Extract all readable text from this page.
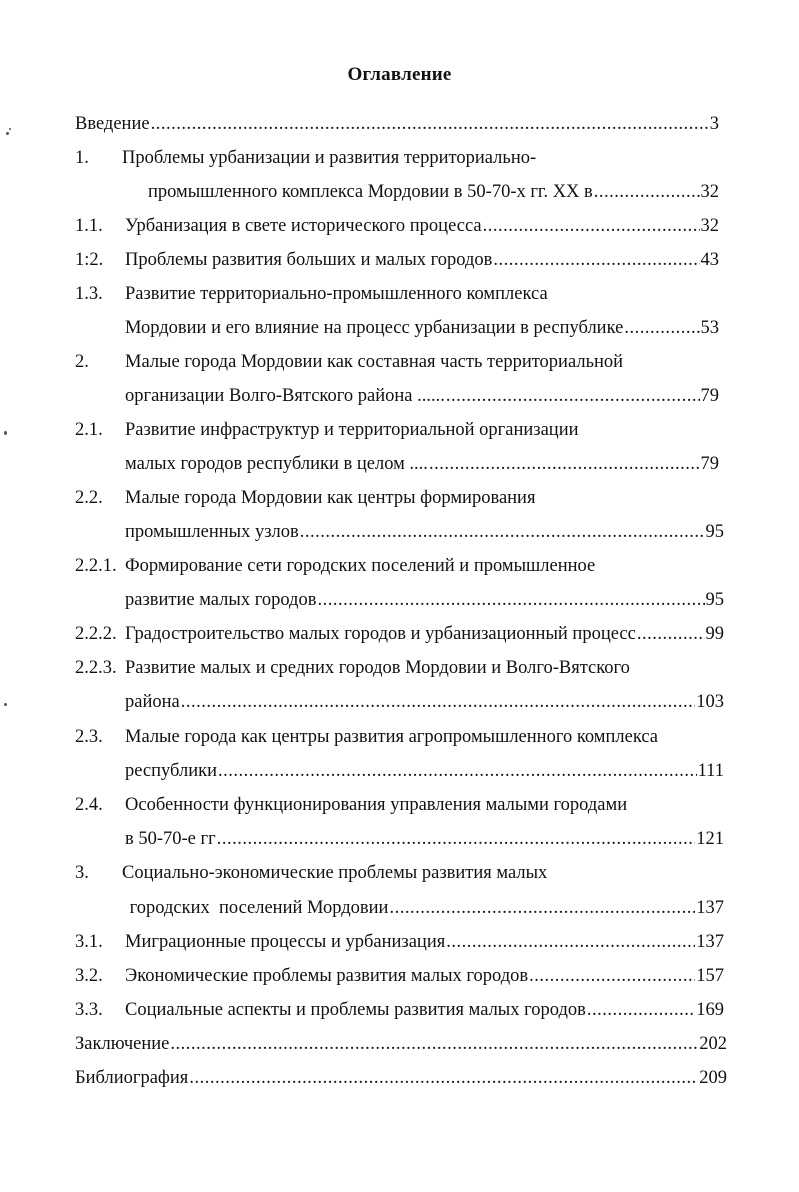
Оглавление
Введение .....	3
1. Проблемы урбанизации и развития территориально-
промышленного комплекса Мордовии в 50-70-х гг. XX в .....	32
1.1. Урбанизация в свете исторического процесса .....	32
1:2. Проблемы развития больших и малых городов .....	43
1.3. Развитие территориально-промышленного комплекса
Мордовии и его влияние на процесс урбанизации в республике .....	53
2. Малые города Мордовии как составная часть территориальной
организации Волго-Вятского района ...... .....	79
2.1. Развитие инфраструктур и территориальной организации
малых городов республики в целом .... .....	79
2.2. Малые города Мордовии как центры формирования
промышленных узлов .....	95
2.2.1. Формирование сети городских поселений и промышленное
развитие малых городов .....	95
2.2.2. Градостроительство малых городов и урбанизационный процесс .....	99
2.2.3. Развитие малых и средних городов Мордовии и Волго-Вятского
района .....	103
2.3. Малые города как центры развития агропромышленного комплекса
республики .....	111
2.4. Особенности функционирования управления малыми городами
в 50-70-е гг .....	121
3. Социально-экономические проблемы развития малых
городских  поселений Мордовии .....	137
3.1. Миграционные процессы и урбанизация .....	137
3.2. Экономические проблемы развития малых городов .....	157
3.3. Социальные аспекты и проблемы развития малых городов .....	169
Заключение .....	202
Библиография .....	209
